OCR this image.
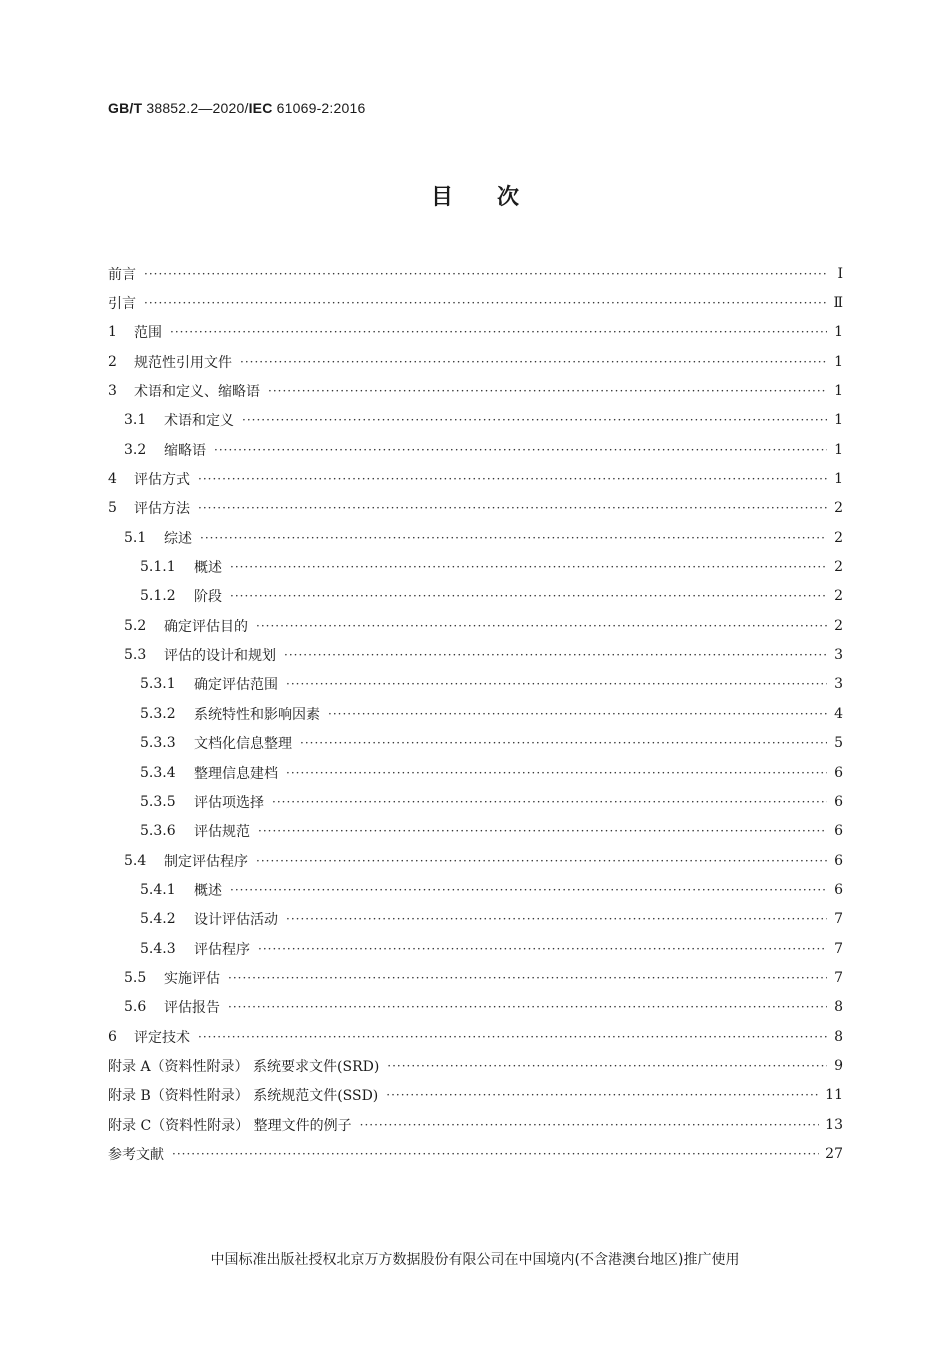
GB/T 38852.2—2020/IEC 61069-2:2016
目次
前言 ·····	Ⅰ
引言 ·····	Ⅱ
1	范围 ·····	1
2	规范性引用文件 ·····	1
3	术语和定义、缩略语 ·····	1
3.1	术语和定义 ·····	1
3.2	缩略语 ·····	1
4	评估方式 ·····	1
5	评估方法 ·····	2
5.1	综述 ·····	2
5.1.1	概述 ·····	2
5.1.2	阶段 ·····	2
5.2	确定评估目的 ·····	2
5.3	评估的设计和规划 ·····	3
5.3.1	确定评估范围 ·····	3
5.3.2	系统特性和影响因素 ·····	4
5.3.3	文档化信息整理 ·····	5
5.3.4	整理信息建档 ·····	6
5.3.5	评估项选择 ·····	6
5.3.6	评估规范 ·····	6
5.4	制定评估程序 ·····	6
5.4.1	概述 ·····	6
5.4.2	设计评估活动 ·····	7
5.4.3	评估程序 ·····	7
5.5	实施评估 ·····	7
5.6	评估报告 ·····	8
6	评定技术 ·····	8
附录 A（资料性附录） 系统要求文件(SRD) ·····	9
附录 B（资料性附录） 系统规范文件(SSD) ·····	11
附录 C（资料性附录） 整理文件的例子 ·····	13
参考文献 ·····	27
中国标准出版社授权北京万方数据股份有限公司在中国境内(不含港澳台地区)推广使用
